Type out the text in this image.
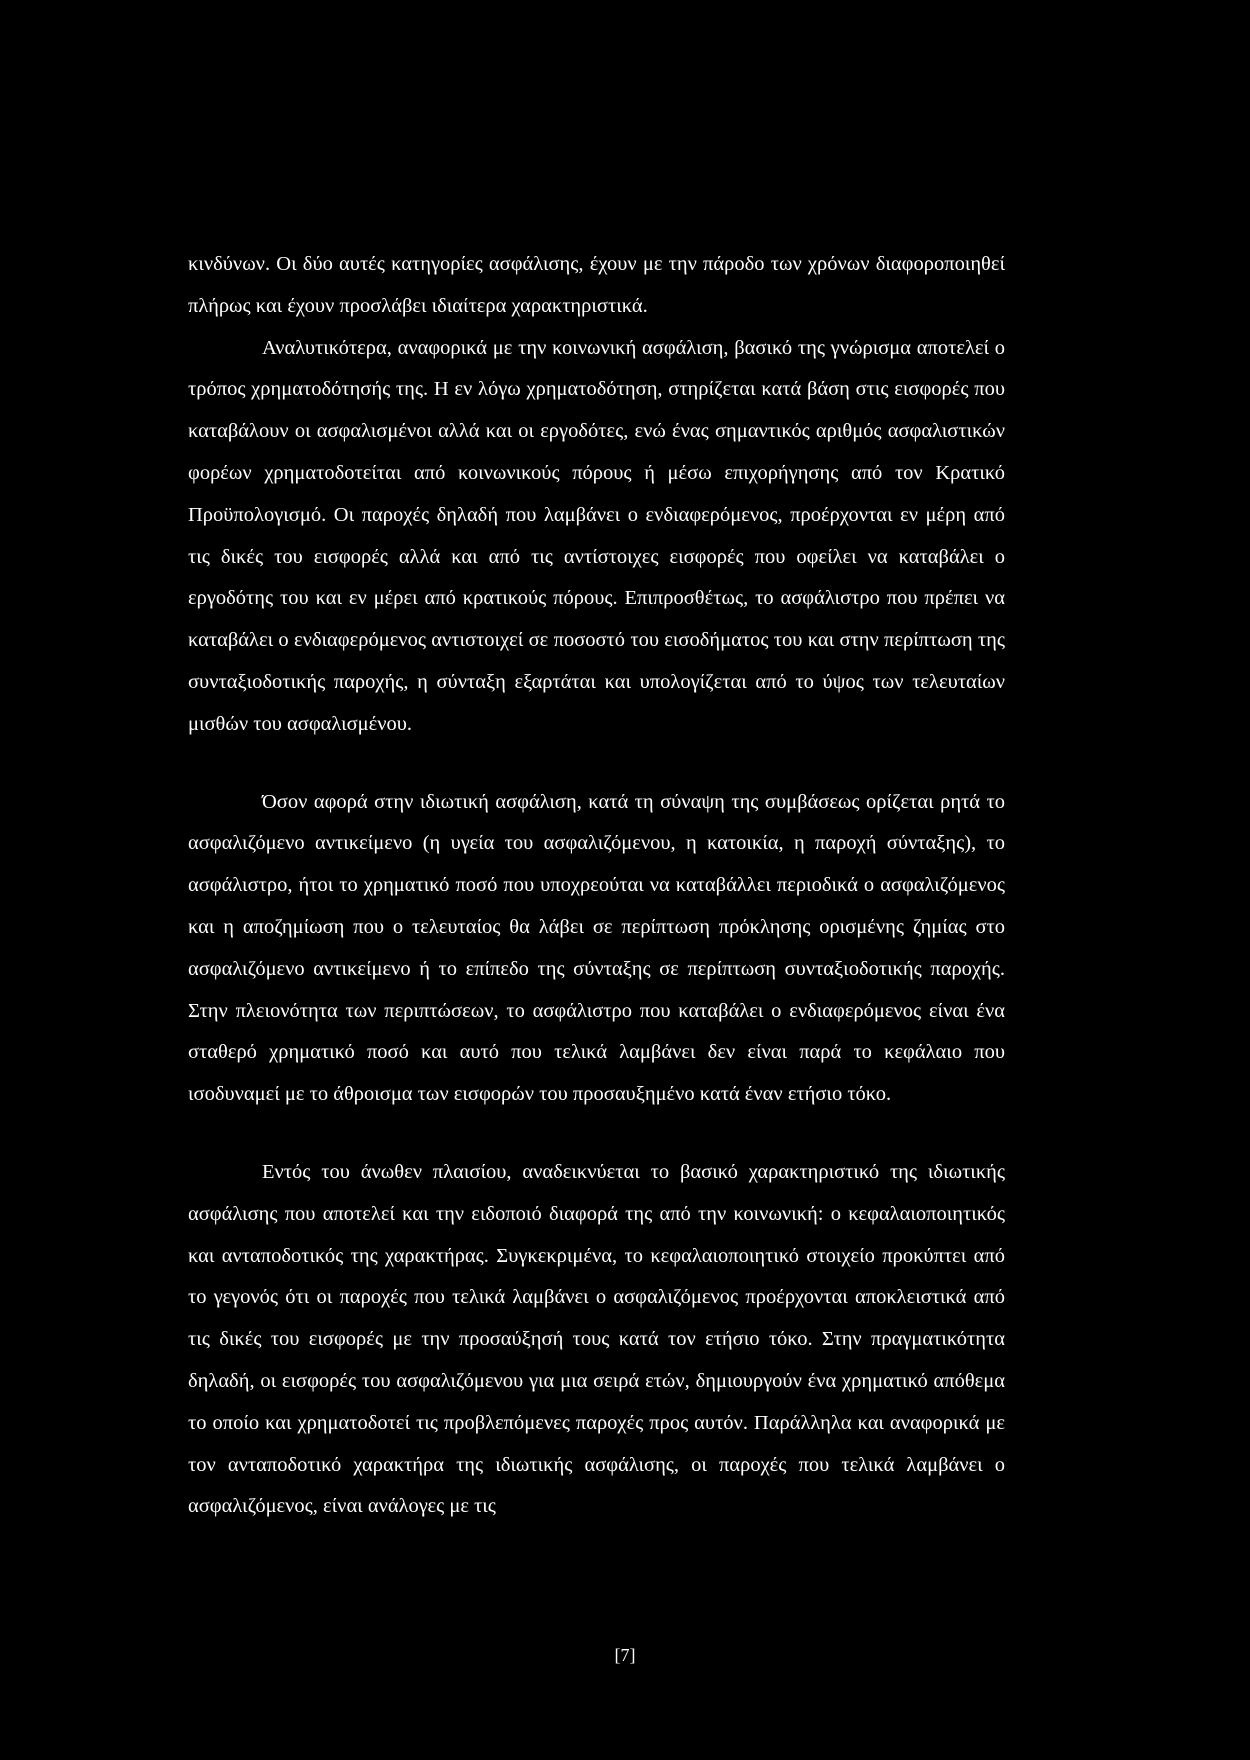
κινδύνων. Οι δύο αυτές κατηγορίες ασφάλισης, έχουν με την πάροδο των χρόνων διαφοροποιηθεί πλήρως και έχουν προσλάβει ιδιαίτερα χαρακτηριστικά.

Αναλυτικότερα, αναφορικά με την κοινωνική ασφάλιση, βασικό της γνώρισμα αποτελεί ο τρόπος χρηματοδότησής της. Η εν λόγω χρηματοδότηση, στηρίζεται κατά βάση στις εισφορές που καταβάλουν οι ασφαλισμένοι αλλά και οι εργοδότες, ενώ ένας σημαντικός αριθμός ασφαλιστικών φορέων χρηματοδοτείται από κοινωνικούς πόρους ή μέσω επιχορήγησης από τον Κρατικό Προϋπολογισμό. Οι παροχές δηλαδή που λαμβάνει ο ενδιαφερόμενος, προέρχονται εν μέρη από τις δικές του εισφορές αλλά και από τις αντίστοιχες εισφορές που οφείλει να καταβάλει ο εργοδότης του και εν μέρει από κρατικούς πόρους. Επιπροσθέτως, το ασφάλιστρο που πρέπει να καταβάλει ο ενδιαφερόμενος αντιστοιχεί σε ποσοστό του εισοδήματος του και στην περίπτωση της συνταξιοδοτικής παροχής, η σύνταξη εξαρτάται και υπολογίζεται από το ύψος των τελευταίων μισθών του ασφαλισμένου.

Όσον αφορά στην ιδιωτική ασφάλιση, κατά τη σύναψη της συμβάσεως ορίζεται ρητά το ασφαλιζόμενο αντικείμενο (η υγεία του ασφαλιζόμενου, η κατοικία, η παροχή σύνταξης), το ασφάλιστρο, ήτοι το χρηματικό ποσό που υποχρεούται να καταβάλλει περιοδικά ο ασφαλιζόμενος και η αποζημίωση που ο τελευταίος θα λάβει σε περίπτωση πρόκλησης ορισμένης ζημίας στο ασφαλιζόμενο αντικείμενο ή το επίπεδο της σύνταξης σε περίπτωση συνταξιοδοτικής παροχής. Στην πλειονότητα των περιπτώσεων, το ασφάλιστρο που καταβάλει ο ενδιαφερόμενος είναι ένα σταθερό χρηματικό ποσό και αυτό που τελικά λαμβάνει δεν είναι παρά το κεφάλαιο που ισοδυναμεί με το άθροισμα των εισφορών του προσαυξημένο κατά έναν ετήσιο τόκο.

Εντός του άνωθεν πλαισίου, αναδεικνύεται το βασικό χαρακτηριστικό της ιδιωτικής ασφάλισης που αποτελεί και την ειδοποιό διαφορά της από την κοινωνική: ο κεφαλαιοποιητικός και ανταποδοτικός της χαρακτήρας. Συγκεκριμένα, το κεφαλαιοποιητικό στοιχείο προκύπτει από το γεγονός ότι οι παροχές που τελικά λαμβάνει ο ασφαλιζόμενος προέρχονται αποκλειστικά από τις δικές του εισφορές με την προσαύξησή τους κατά τον ετήσιο τόκο. Στην πραγματικότητα δηλαδή, οι εισφορές του ασφαλιζόμενου για μια σειρά ετών, δημιουργούν ένα χρηματικό απόθεμα το οποίο και χρηματοδοτεί τις προβλεπόμενες παροχές προς αυτόν. Παράλληλα και αναφορικά με τον ανταποδοτικό χαρακτήρα της ιδιωτικής ασφάλισης, οι παροχές που τελικά λαμβάνει ο ασφαλιζόμενος, είναι ανάλογες με τις

[7]
